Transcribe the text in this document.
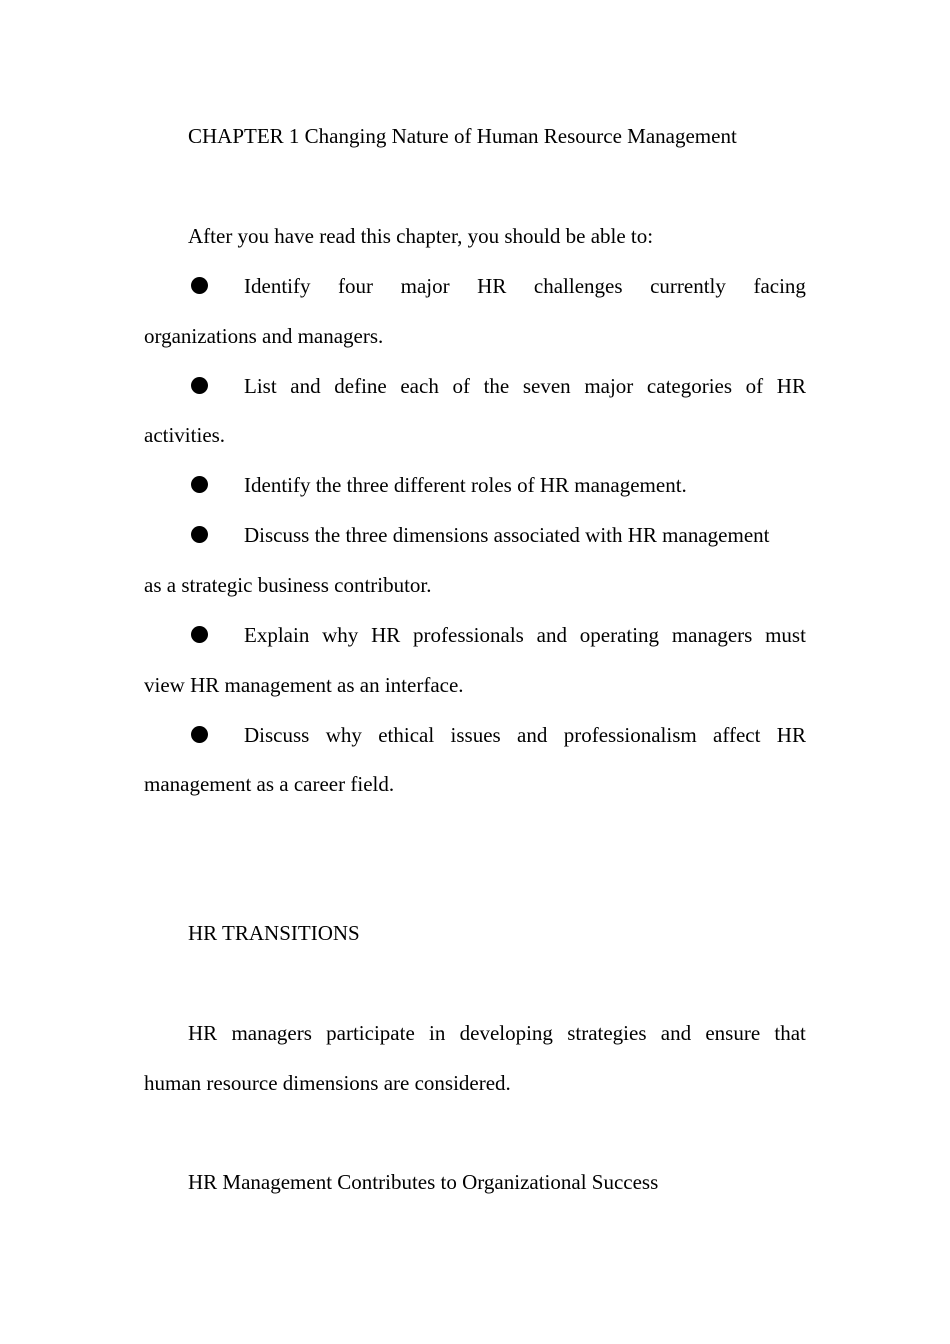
CHAPTER 1 Changing Nature of Human Resource Management
After you have read this chapter, you should be able to:
Identify four major HR challenges currently facing
organizations and managers.
List and define each of the seven major categories of HR
activities.
Identify the three different roles of HR management.
Discuss the three dimensions associated with HR management
as a strategic business contributor.
Explain why HR professionals and operating managers must
view HR management as an interface.
Discuss why ethical issues and professionalism affect HR
management as a career field.
HR TRANSITIONS
HR managers participate in developing strategies and ensure that
human resource dimensions are considered.
HR Management Contributes to Organizational Success
